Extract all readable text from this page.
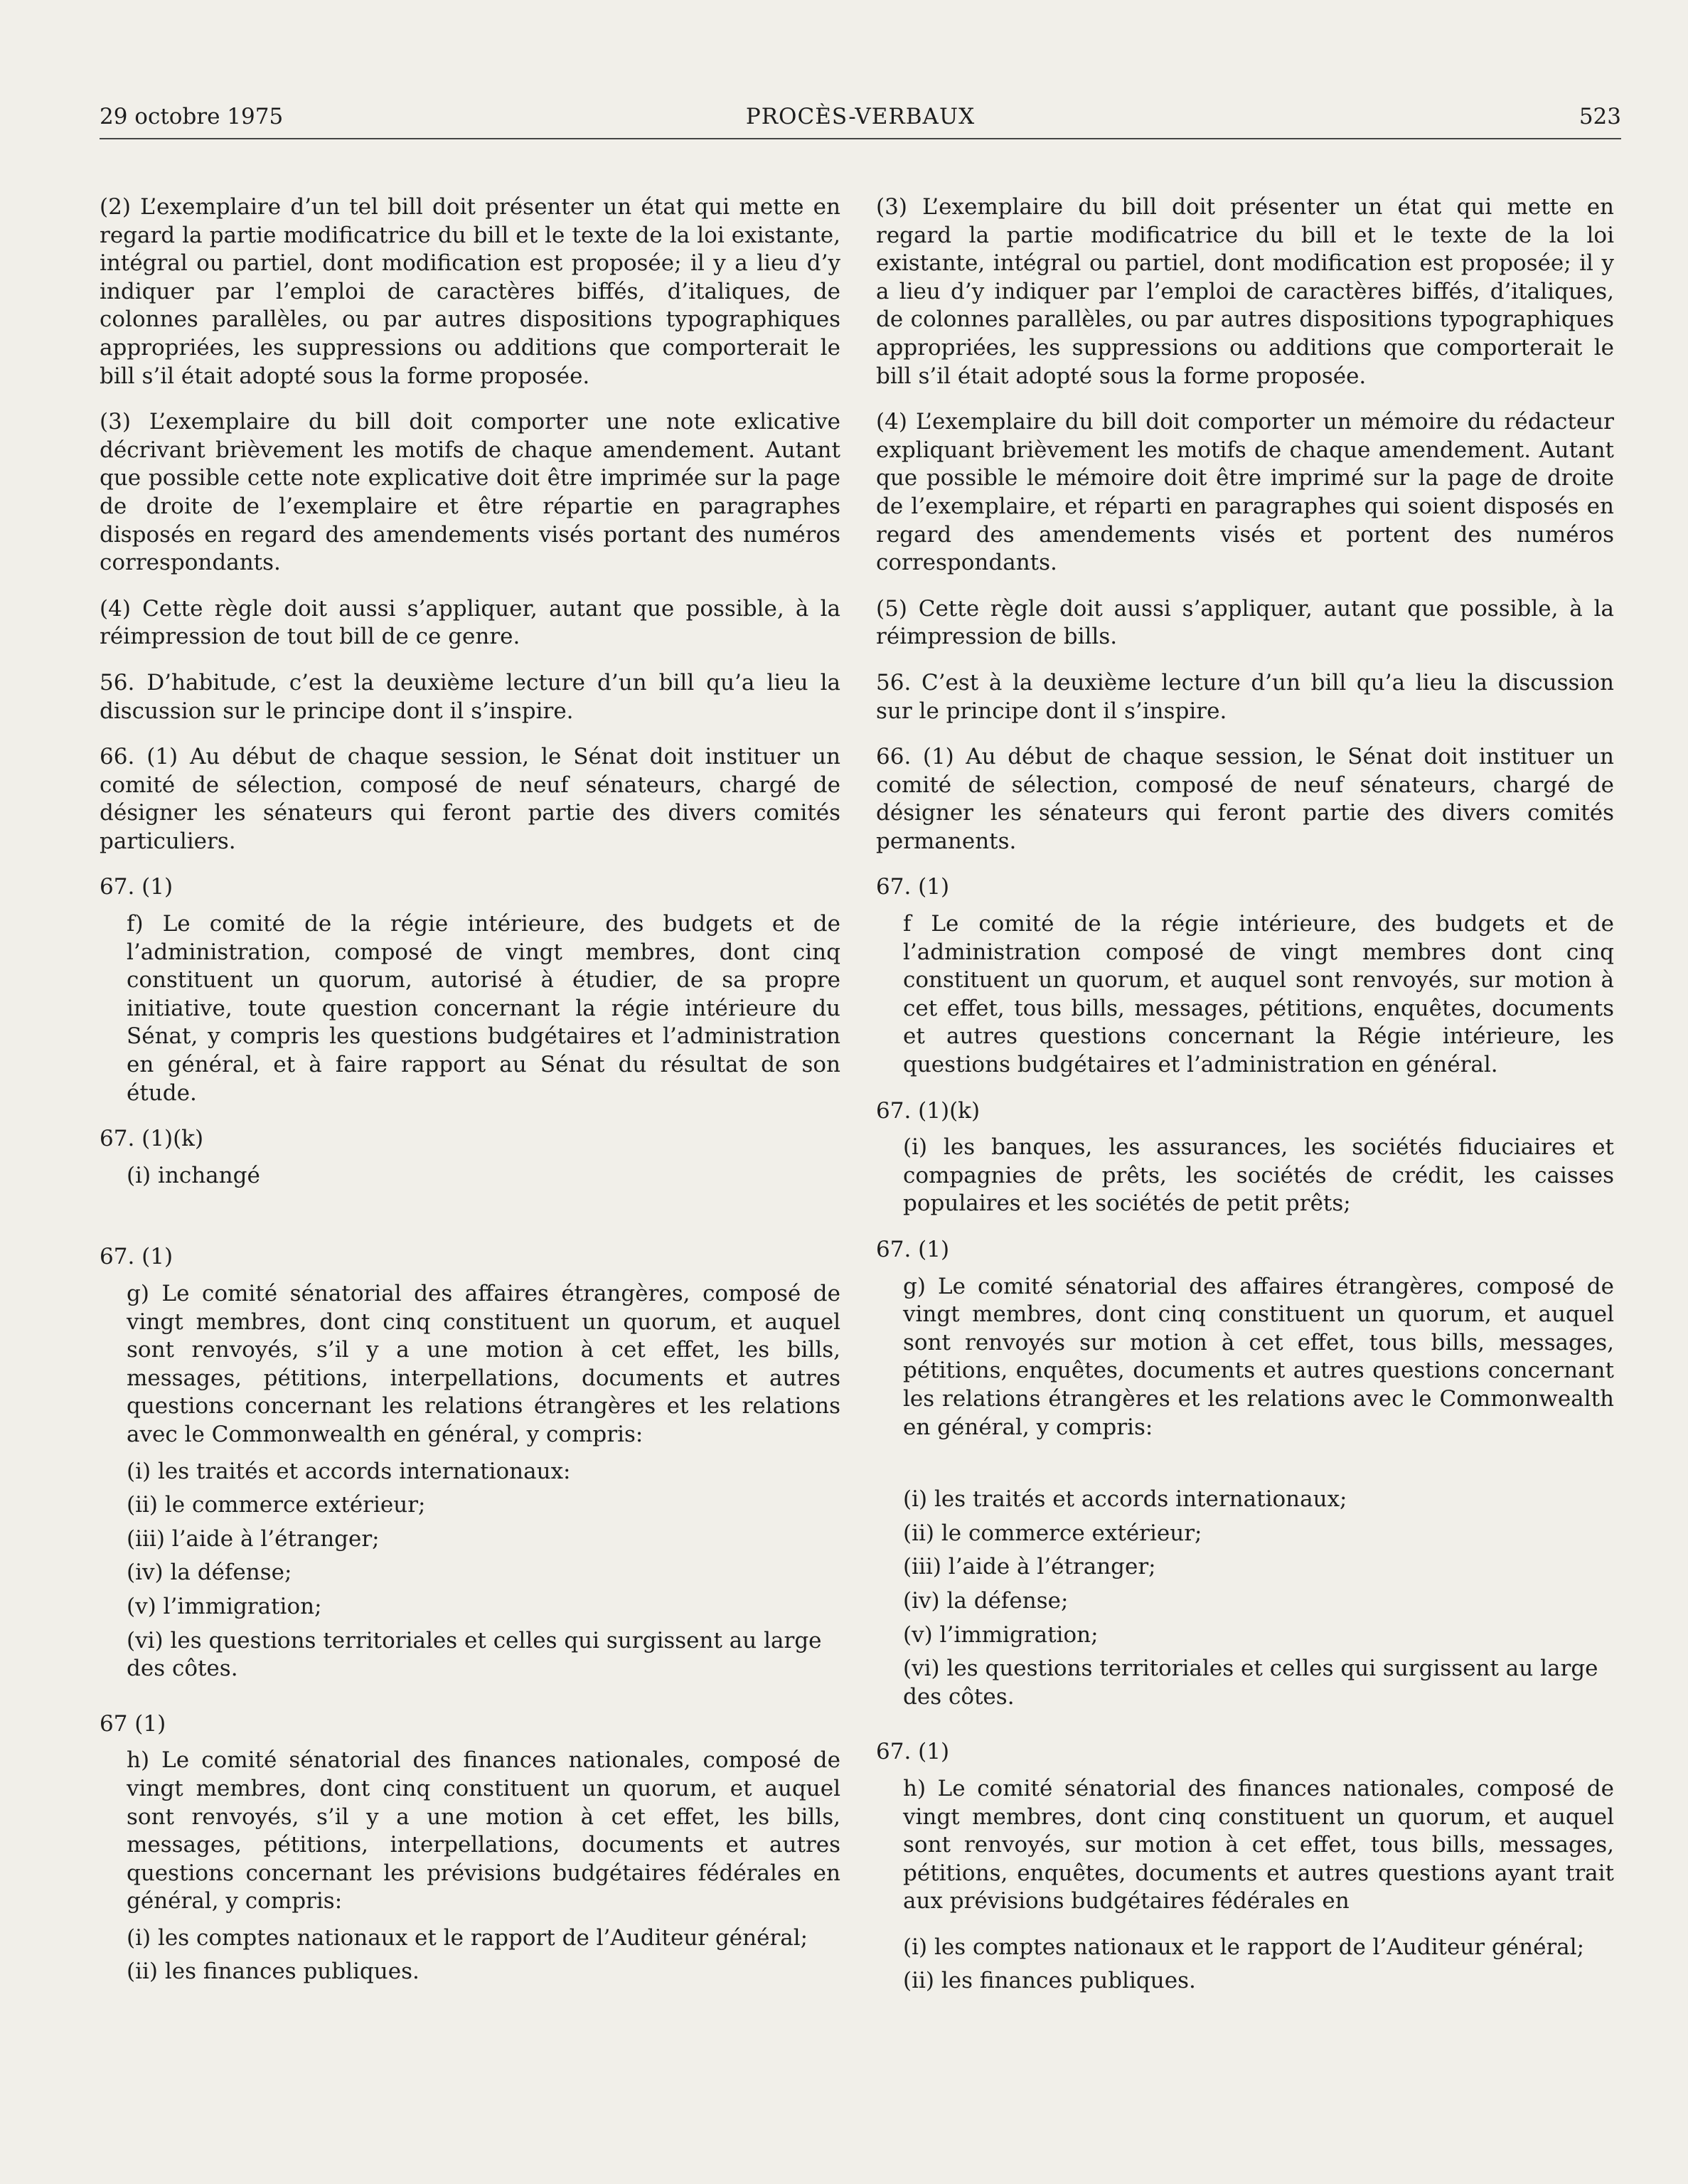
29 octobre 1975	PROCÈS-VERBAUX	523

(2) L’exemplaire d’un tel bill doit présenter un état qui mette en regard la partie modificatrice du bill et le texte de la loi existante, intégral ou partiel, dont modification est proposée; il y a lieu d’y indiquer par l’emploi de caractères biffés, d’italiques, de colonnes parallèles, ou par autres dispositions typographiques appropriées, les suppressions ou additions que comporterait le bill s’il était adopté sous la forme proposée.

(3) L’exemplaire du bill doit comporter une note exlicative décrivant brièvement les motifs de chaque amendement. Autant que possible cette note explicative doit être imprimée sur la page de droite de l’exemplaire et être répartie en paragraphes disposés en regard des amendements visés portant des numéros correspondants.

(4) Cette règle doit aussi s’appliquer, autant que possible, à la réimpression de tout bill de ce genre.

56. D’habitude, c’est la deuxième lecture d’un bill qu’a lieu la discussion sur le principe dont il s’inspire.

66. (1) Au début de chaque session, le Sénat doit instituer un comité de sélection, composé de neuf sénateurs, chargé de désigner les sénateurs qui feront partie des divers comités particuliers.

67. (1)

f) Le comité de la régie intérieure, des budgets et de l’administration, composé de vingt membres, dont cinq constituent un quorum, autorisé à étudier, de sa propre initiative, toute question concernant la régie intérieure du Sénat, y compris les questions budgétaires et l’administration en général, et à faire rapport au Sénat du résultat de son étude.

67. (1)(k)

(i) inchangé

67. (1)

g) Le comité sénatorial des affaires étrangères, composé de vingt membres, dont cinq constituent un quorum, et auquel sont renvoyés, s’il y a une motion à cet effet, les bills, messages, pétitions, interpellations, documents et autres questions concernant les relations étrangères et les relations avec le Commonwealth en général, y compris:

(i) les traités et accords internationaux:

(ii) le commerce extérieur;

(iii) l’aide à l’étranger;

(iv) la défense;

(v) l’immigration;

(vi) les questions territoriales et celles qui surgissent au large des côtes.

67 (1)

h) Le comité sénatorial des finances nationales, composé de vingt membres, dont cinq constituent un quorum, et auquel sont renvoyés, s’il y a une motion à cet effet, les bills, messages, pétitions, interpellations, documents et autres questions concernant les prévisions budgétaires fédérales en général, y compris:

(i) les comptes nationaux et le rapport de l’Auditeur général;

(ii) les finances publiques.

(3) L’exemplaire du bill doit présenter un état qui mette en regard la partie modificatrice du bill et le texte de la loi existante, intégral ou partiel, dont modification est proposée; il y a lieu d’y indiquer par l’emploi de caractères biffés, d’italiques, de colonnes parallèles, ou par autres dispositions typographiques appropriées, les suppressions ou additions que comporterait le bill s’il était adopté sous la forme proposée.

(4) L’exemplaire du bill doit comporter un mémoire du rédacteur expliquant brièvement les motifs de chaque amendement. Autant que possible le mémoire doit être imprimé sur la page de droite de l’exemplaire, et réparti en paragraphes qui soient disposés en regard des amendements visés et portent des numéros correspondants.

(5) Cette règle doit aussi s’appliquer, autant que possible, à la réimpression de bills.

56. C’est à la deuxième lecture d’un bill qu’a lieu la discussion sur le principe dont il s’inspire.

66. (1) Au début de chaque session, le Sénat doit instituer un comité de sélection, composé de neuf sénateurs, chargé de désigner les sénateurs qui feront partie des divers comités permanents.

67. (1)

f Le comité de la régie intérieure, des budgets et de l’administration composé de vingt membres dont cinq constituent un quorum, et auquel sont renvoyés, sur motion à cet effet, tous bills, messages, pétitions, enquêtes, documents et autres questions concernant la Régie intérieure, les questions budgétaires et l’administration en général.

67. (1)(k)

(i) les banques, les assurances, les sociétés fiduciaires et compagnies de prêts, les sociétés de crédit, les caisses populaires et les sociétés de petit prêts;

67. (1)

g) Le comité sénatorial des affaires étrangères, composé de vingt membres, dont cinq constituent un quorum, et auquel sont renvoyés sur motion à cet effet, tous bills, messages, pétitions, enquêtes, documents et autres questions concernant les relations étrangères et les relations avec le Commonwealth en général, y compris:

(i) les traités et accords internationaux;

(ii) le commerce extérieur;

(iii) l’aide à l’étranger;

(iv) la défense;

(v) l’immigration;

(vi) les questions territoriales et celles qui surgissent au large des côtes.

67. (1)

h) Le comité sénatorial des finances nationales, composé de vingt membres, dont cinq constituent un quorum, et auquel sont renvoyés, sur motion à cet effet, tous bills, messages, pétitions, enquêtes, documents et autres questions ayant trait aux prévisions budgétaires fédérales en

(i) les comptes nationaux et le rapport de l’Auditeur général;

(ii) les finances publiques.
